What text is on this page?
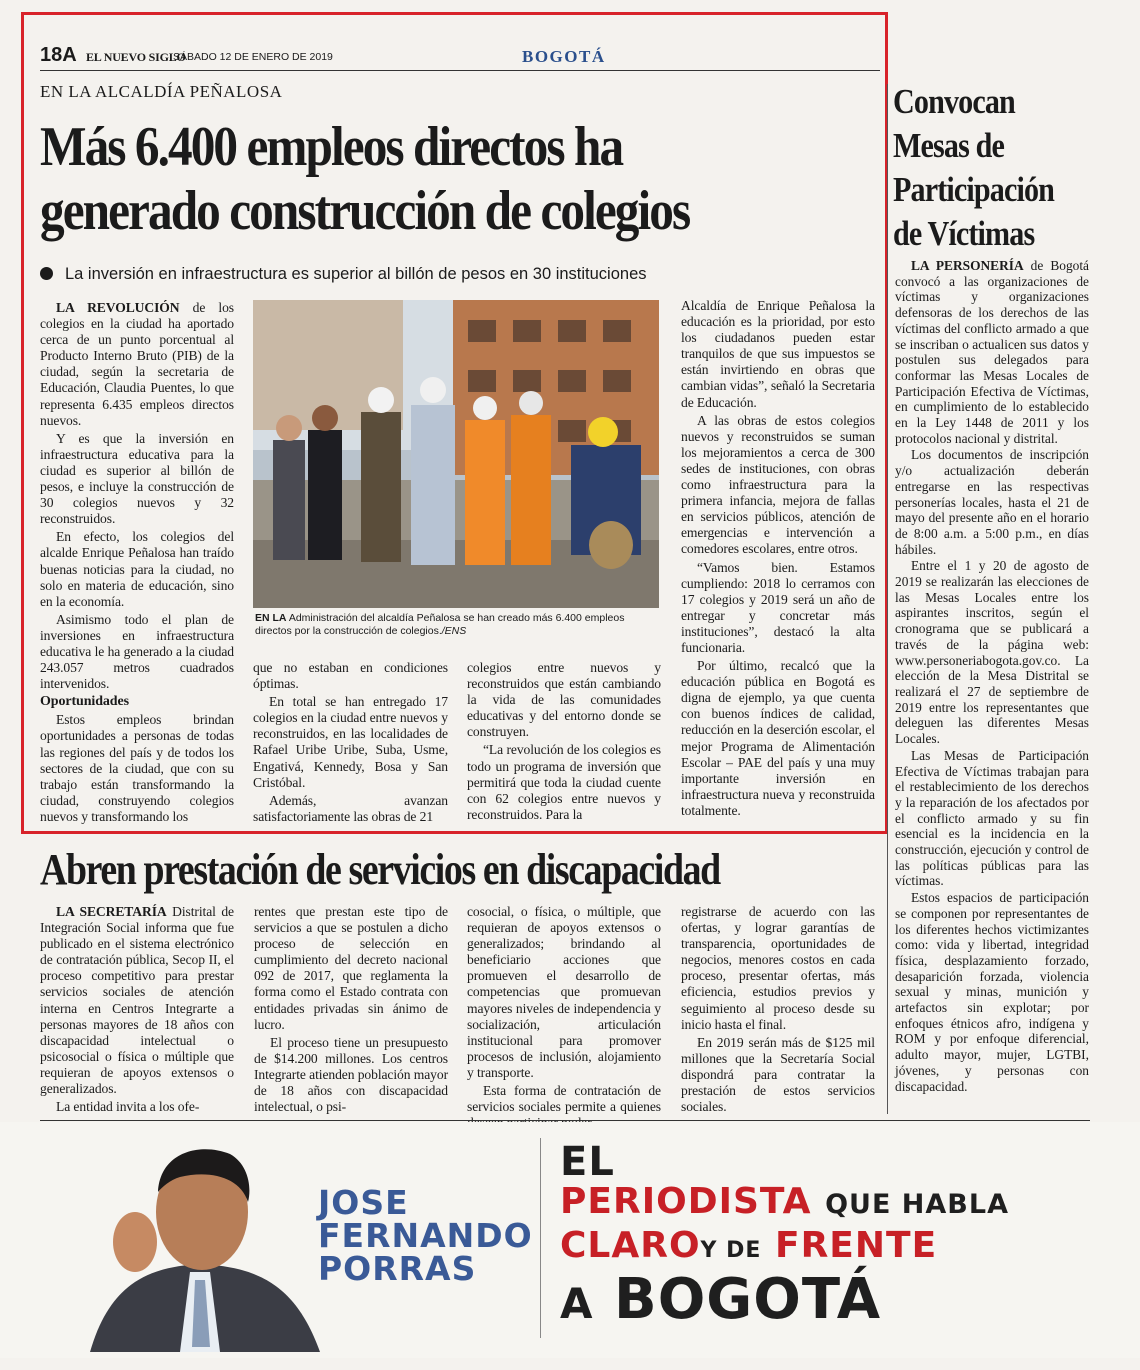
18A EL NUEVO SIGLO
SÁBADO 12 DE ENERO DE 2019	BOGOTÁ
EN LA ALCALDÍA PEÑALOSA
Más 6.400 empleos directos ha
generado construcción de colegios
La inversión en infraestructura es superior al billón de pesos en 30 instituciones

LA REVOLUCIÓN de los colegios en la ciudad ha aportado cerca de un punto porcentual al Producto Interno Bruto (PIB) de la ciudad, según la secretaria de Educación, Claudia Puentes, lo que representa 6.435 empleos directos nuevos.

Y es que la inversión en infraestructura educativa para la ciudad es superior al billón de pesos, e incluye la construcción de 30 colegios nuevos y 32 reconstruidos.

En efecto, los colegios del alcalde Enrique Peñalosa han traído buenas noticias para la ciudad, no solo en materia de educación, sino en la economía.

Asimismo todo el plan de inversiones en infraestructura educativa le ha generado a la ciudad 243.057 metros cuadrados intervenidos.

Oportunidades

Estos empleos brindan oportunidades a personas de todas las regiones del país y de todos los sectores de la ciudad, que con su trabajo están transformando la ciudad, construyendo colegios nuevos y transformando los

EN LA Administración del alcaldía Peñalosa se han creado más 6.400 empleos directos por la construcción de colegios./ENS

que no estaban en condiciones óptimas.

En total se han entregado 17 colegios en la ciudad entre nuevos y reconstruidos, en las localidades de Rafael Uribe Uribe, Suba, Usme, Engativá, Kennedy, Bosa y San Cristóbal.

Además, avanzan satisfactoriamente las obras de 21

colegios entre nuevos y reconstruidos que están cambiando la vida de las comunidades educativas y del entorno donde se construyen.

“La revolución de los colegios es todo un programa de inversión que permitirá que toda la ciudad cuente con 62 colegios entre nuevos y reconstruidos. Para la

Alcaldía de Enrique Peñalosa la educación es la prioridad, por esto los ciudadanos pueden estar tranquilos de que sus impuestos se están invirtiendo en obras que cambian vidas”, señaló la Secretaria de Educación.

A las obras de estos colegios nuevos y reconstruidos se suman los mejoramientos a cerca de 300 sedes de instituciones, con obras como infraestructura para la primera infancia, mejora de fallas en servicios públicos, atención de emergencias e intervención a comedores escolares, entre otros.

“Vamos bien. Estamos cumpliendo: 2018 lo cerramos con 17 colegios y 2019 será un año de entregar y concretar más instituciones”, destacó la alta funcionaria.

Por último, recalcó que la educación pública en Bogotá es digna de ejemplo, ya que cuenta con buenos índices de calidad, reducción en la deserción escolar, el mejor Programa de Alimentación Escolar – PAE del país y una muy importante inversión en infraestructura nueva y reconstruida totalmente.

Convocan Mesas de Participación de Víctimas

LA PERSONERÍA de Bogotá convocó a las organizaciones de víctimas y organizaciones defensoras de los derechos de las víctimas del conflicto armado a que se inscriban o actualicen sus datos y postulen sus delegados para conformar las Mesas Locales de Participación Efectiva de Víctimas, en cumplimiento de lo establecido en la Ley 1448 de 2011 y los protocolos nacional y distrital.

Los documentos de inscripción y/o actualización deberán entregarse en las respectivas personerías locales, hasta el 21 de mayo del presente año en el horario de 8:00 a.m. a 5:00 p.m., en días hábiles.

Entre el 1 y 20 de agosto de 2019 se realizarán las elecciones de las Mesas Locales entre los aspirantes inscritos, según el cronograma que se publicará a través de la página web: www.personeriabogota.gov.co. La elección de la Mesa Distrital se realizará el 27 de septiembre de 2019 entre los representantes que deleguen las diferentes Mesas Locales.

Las Mesas de Participación Efectiva de Víctimas trabajan para el restablecimiento de los derechos y la reparación de los afectados por el conflicto armado y su fin esencial es la incidencia en la construcción, ejecución y control de las políticas públicas para las víctimas.

Estos espacios de participación se componen por representantes de los diferentes hechos victimizantes como: vida y libertad, integridad física, desplazamiento forzado, desaparición forzada, violencia sexual y minas, munición y artefactos sin explotar; por enfoques étnicos afro, indígena y ROM y por enfoque diferencial, adulto mayor, mujer, LGTBI, jóvenes, y personas con discapacidad.

Abren prestación de servicios en discapacidad

LA SECRETARÍA Distrital de Integración Social informa que fue publicado en el sistema electrónico de contratación pública, Secop II, el proceso competitivo para prestar servicios sociales de atención interna en Centros Integrarte a personas mayores de 18 años con discapacidad intelectual o psicosocial o física o múltiple que requieran de apoyos extensos o generalizados.

La entidad invita a los ofe-

rentes que prestan este tipo de servicios a que se postulen a dicho proceso de selección en cumplimiento del decreto nacional 092 de 2017, que reglamenta la forma como el Estado contrata con entidades privadas sin ánimo de lucro.

El proceso tiene un presupuesto de $14.200 millones. Los centros Integrarte atienden población mayor de 18 años con discapacidad intelectual, o psi-

cosocial, o física, o múltiple, que requieran de apoyos extensos o generalizados; brindando al beneficiario acciones que promueven el desarrollo de competencias que promuevan mayores niveles de independencia y socialización, articulación institucional para promover procesos de inclusión, alojamiento y transporte.

Esta forma de contratación de servicios sociales permite a quienes

registrarse de acuerdo con las ofertas, y lograr garantías de transparencia, oportunidades de negocios, menores costos en cada proceso, presentar ofertas, más eficiencia, estudios previos y seguimiento al proceso desde su inicio hasta el final.

En 2019 serán más de $125 mil millones que la Secretaría Social dispondrá para contratar la prestación de estos servicios sociales.

JOSE
FERNANDO
PORRAS
EL
PERIODISTA QUE HABLA
CLAROY DE FRENTE
A BOGOTÁ
